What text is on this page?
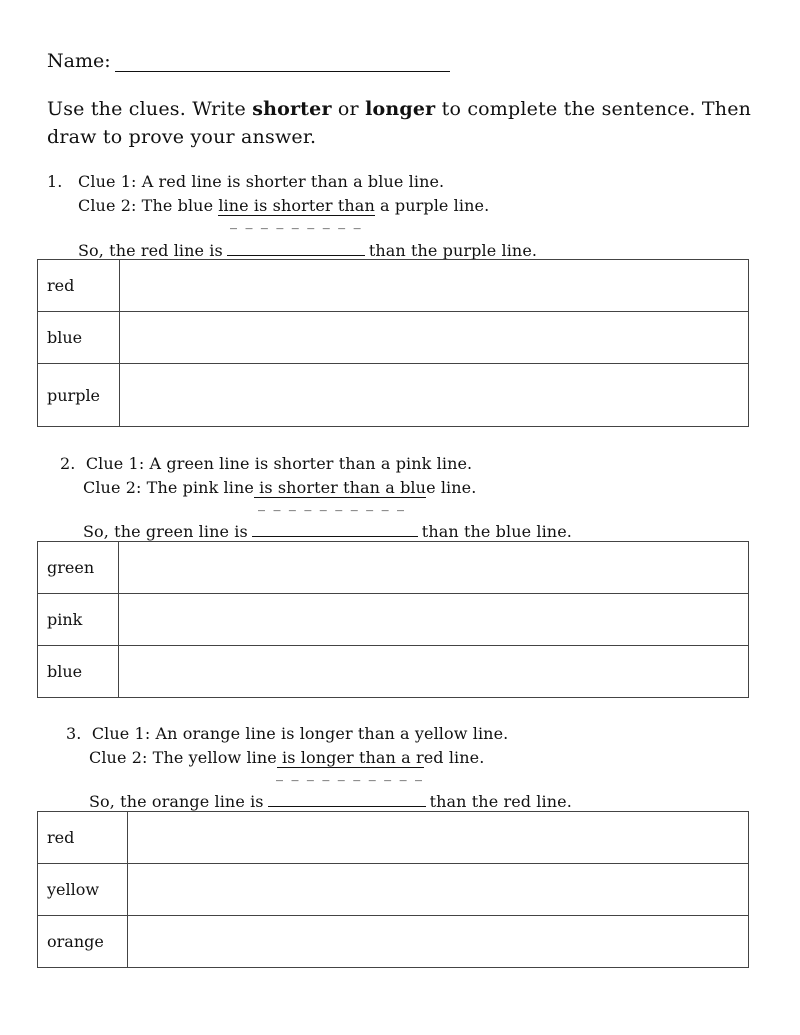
Name:
Use the clues. Write shorter or longer to complete the sentence. Then draw to prove your answer.
1. Clue 1: A red line is shorter than a blue line.
Clue 2: The blue line is shorter than a purple line.
_ _ _ _ _ _ _ _ _
So, the red line is	than the purple line.
red	
blue	
purple	
2. Clue 1: A green line is shorter than a pink line.
Clue 2: The pink line is shorter than a blue line.
_ _ _ _ _ _ _ _ _ _
So, the green line is	than the blue line.
green	
pink	
blue	
3. Clue 1: An orange line is longer than a yellow line.
Clue 2: The yellow line is longer than a red line.
_ _ _ _ _ _ _ _ _ _
So, the orange line is	than the red line.
red	
yellow	
orange	
